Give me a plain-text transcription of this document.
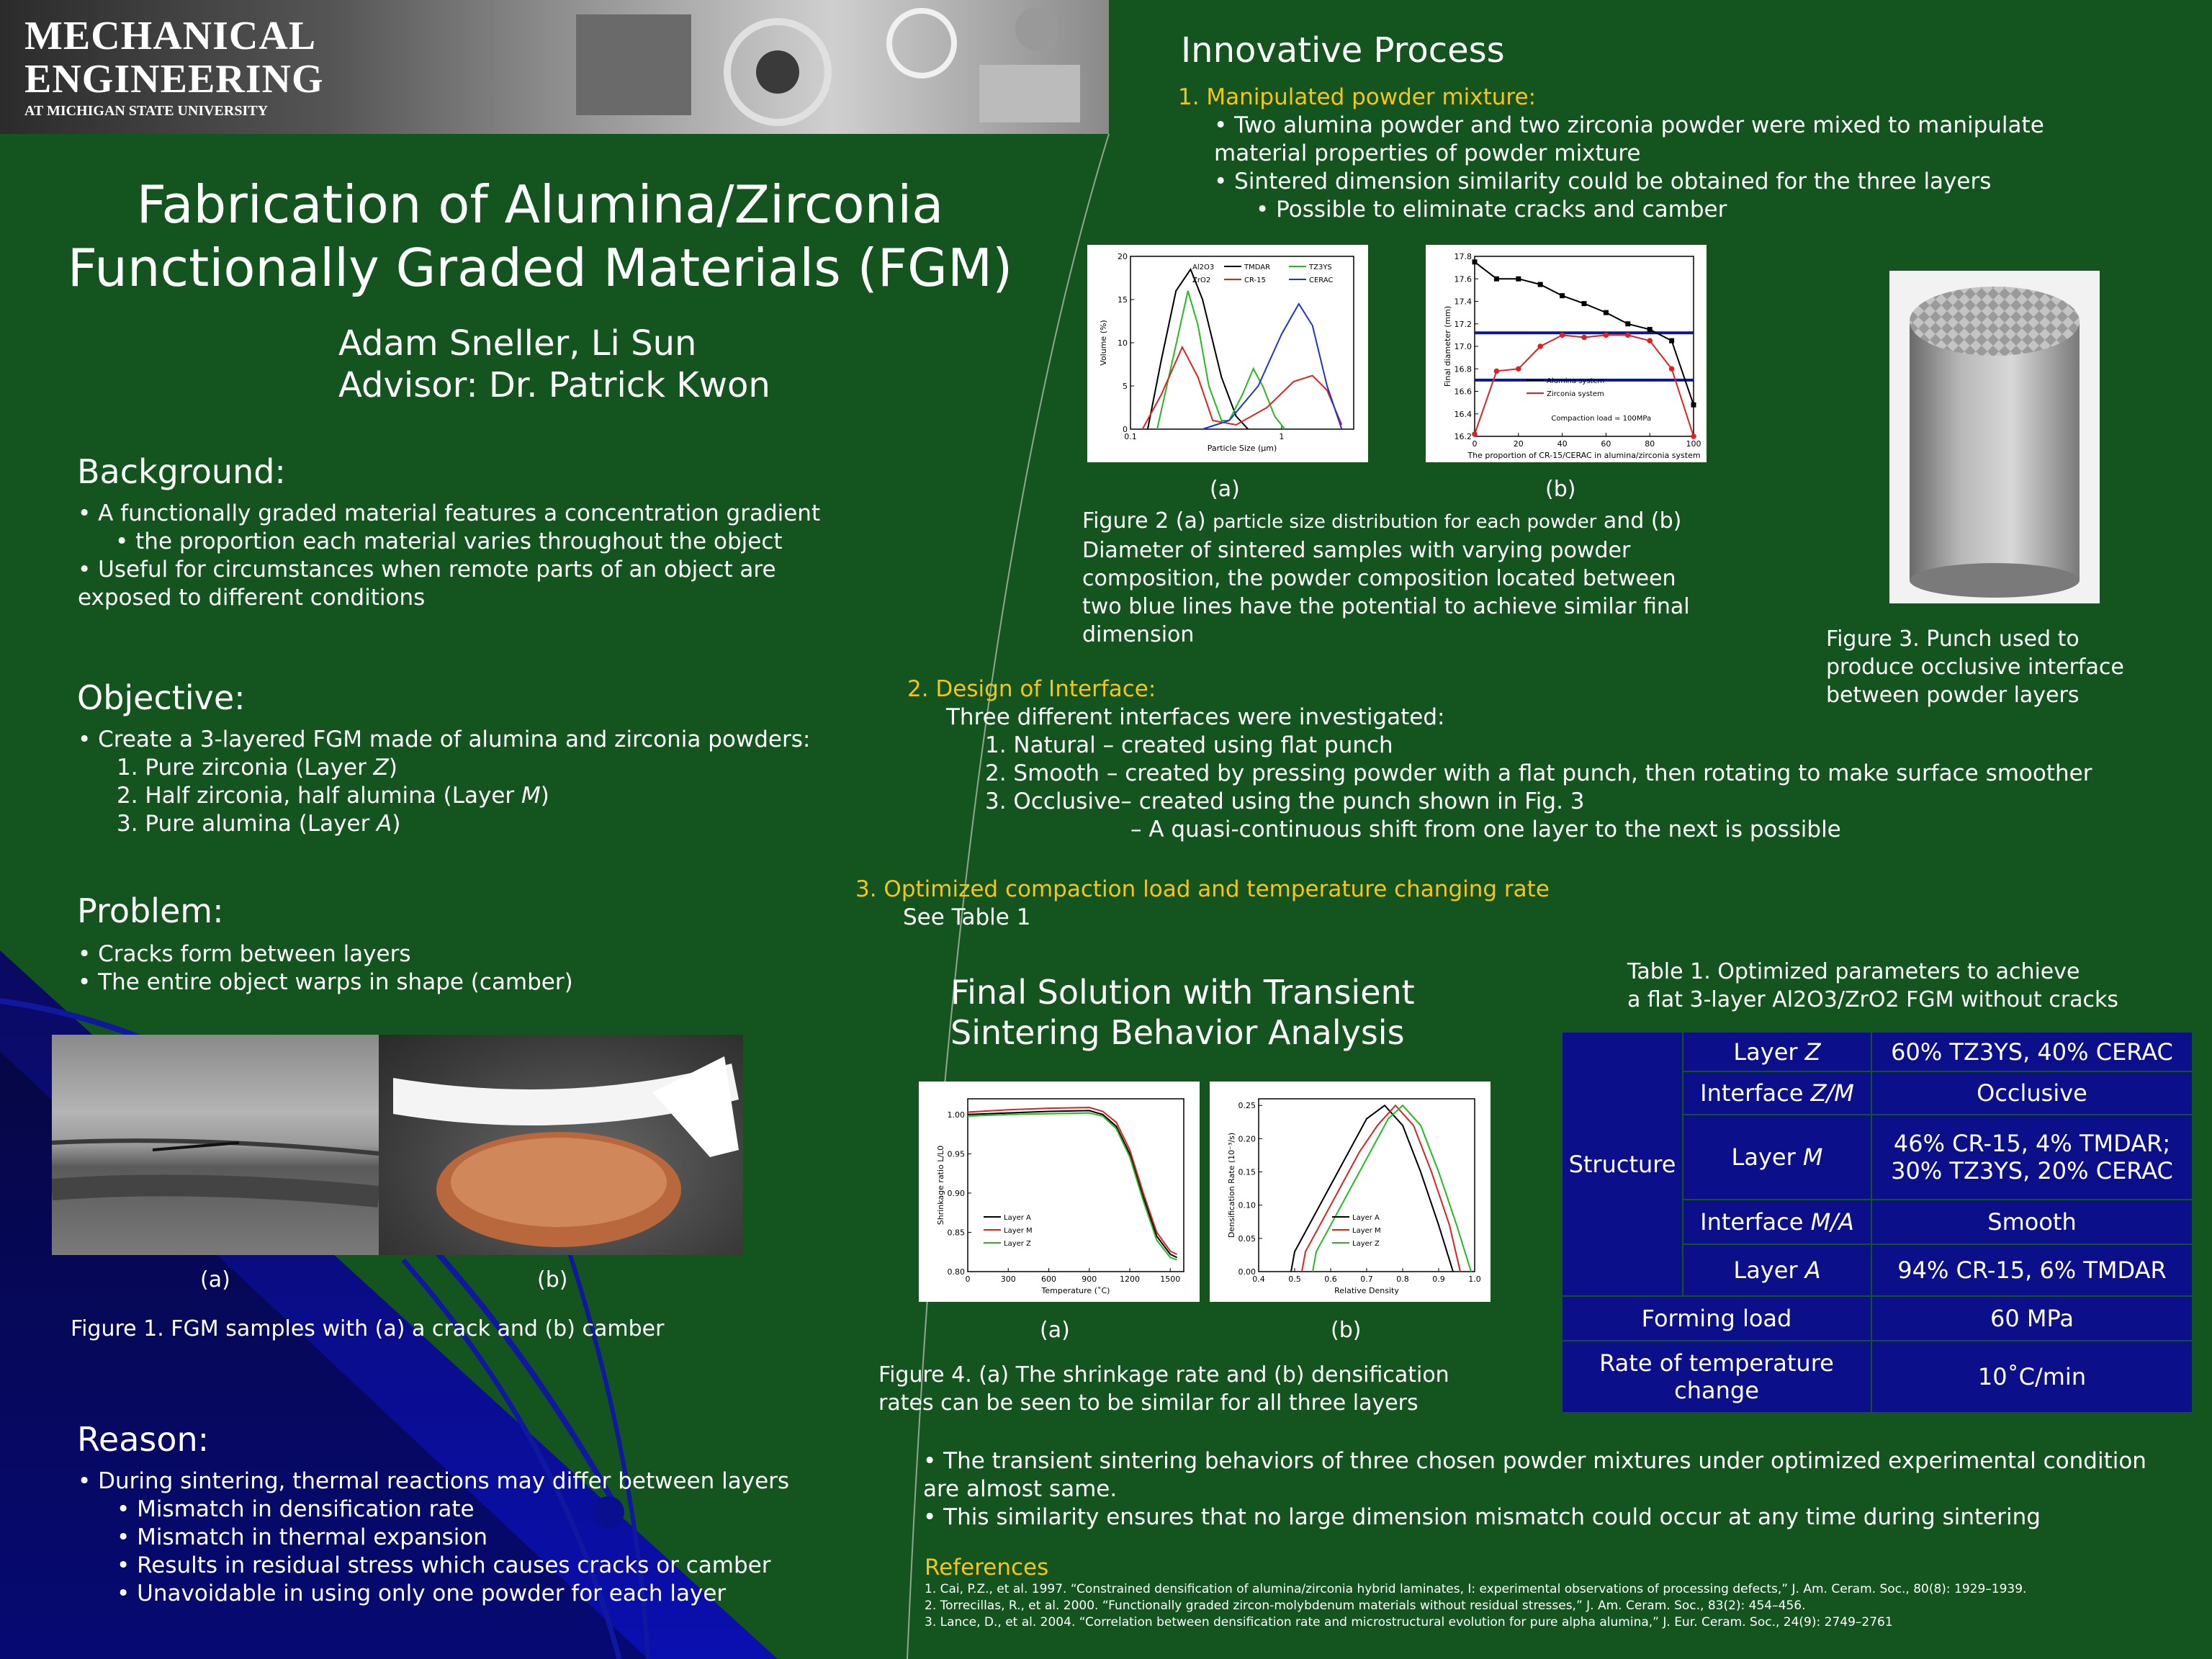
MECHANICAL
ENGINEERING
AT MICHIGAN STATE UNIVERSITY
Fabrication of Alumina/Zirconia
Functionally Graded Materials (FGM)
Adam Sneller, Li Sun
Advisor: Dr. Patrick Kwon
Background:
• A functionally graded material features a concentration gradient
• the proportion each material varies throughout the object
• Useful for circumstances when remote parts of an object are
exposed to different conditions
Objective:
• Create a 3-layered FGM made of alumina and zirconia powders:
1. Pure zirconia (Layer Z)
2. Half zirconia, half alumina (Layer M)
3. Pure alumina (Layer A)
Problem:
• Cracks form between layers
• The entire object warps in shape (camber)
(a)	(b)
Figure 1. FGM samples with (a) a crack and (b) camber
Reason:
• During sintering, thermal reactions may differ between layers
• Mismatch in densification rate
• Mismatch in thermal expansion
• Results in residual stress which causes cracks or camber
• Unavoidable in using only one powder for each layer
Innovative Process
1. Manipulated powder mixture:
• Two alumina powder and two zirconia powder were mixed to manipulate
material properties of powder mixture
• Sintered dimension similarity could be obtained for the three layers
• Possible to eliminate cracks and camber
0.1	1
0
5
10
15
20
Particle Size (µm)
Volume (%)
TMDAR	TZ3YS
CR-15	CERAC
Al2O3
ZrO2
0	20	40	60	80	100
16.2
16.4
16.6
16.8
17.0
17.2
17.4
17.6
17.8
The proportion of CR-15/CERAC in alumina/zirconia system
Final diameter (mm)	Alumina system
Zirconia system
Compaction load = 100MPa
(a)	(b)
Figure 2 (a) particle size distribution for each powder and (b)
Diameter of sintered samples with varying powder
composition, the powder composition located between
two blue lines have the potential to achieve similar final
dimension	Figure 3. Punch used to
produce occlusive interface
between powder layers
2. Design of Interface:
Three different interfaces were investigated:
1. Natural – created using flat punch
2. Smooth – created by pressing powder with a flat punch, then rotating to make surface smoother
3. Occlusive– created using the punch shown in Fig. 3
– A quasi-continuous shift from one layer to the next is possible
3. Optimized compaction load and temperature changing rate
See Table 1
Final Solution with Transient
Sintering Behavior Analysis
0	300	600	900	1200	1500
0.80
0.85
0.90
0.95
1.00
Temperature (˚C)
Shrinkage ratio L/L0	Layer A
Layer M
Layer Z
0.4	0.5	0.6	0.7	0.8	0.9	1.0
0.00
0.05
0.10
0.15
0.20
0.25
Relative Density
Densification Rate (10⁻³/s)	Layer A
Layer M
Layer Z
(a)	(b)
Figure 4. (a) The shrinkage rate and (b) densification
rates can be seen to be similar for all three layers
Table 1. Optimized parameters to achieve
a flat 3-layer Al2O3/ZrO2 FGM without cracks
Structure	Layer Z	60% TZ3YS, 40% CERAC
	Interface Z/M	Occlusive
	Layer M	46% CR-15, 4% TMDAR;
30% TZ3YS, 20% CERAC

	Interface M/A	Smooth
	Layer A	94% CR-15, 6% TMDAR
Forming load		60 MPa

Rate of temperature
change		10˚C/min
• The transient sintering behaviors of three chosen powder mixtures under optimized experimental condition
are almost same.
• This similarity ensures that no large dimension mismatch could occur at any time during sintering
References
1. Cai, P.Z., et al. 1997. “Constrained densification of alumina/zirconia hybrid laminates, I: experimental observations of processing defects,” J. Am. Ceram. Soc., 80(8): 1929–1939.
2. Torrecillas, R., et al. 2000. “Functionally graded zircon-molybdenum materials without residual stresses,” J. Am. Ceram. Soc., 83(2): 454–456.
3. Lance, D., et al. 2004. “Correlation between densification rate and microstructural evolution for pure alpha alumina,” J. Eur. Ceram. Soc., 24(9): 2749–2761
